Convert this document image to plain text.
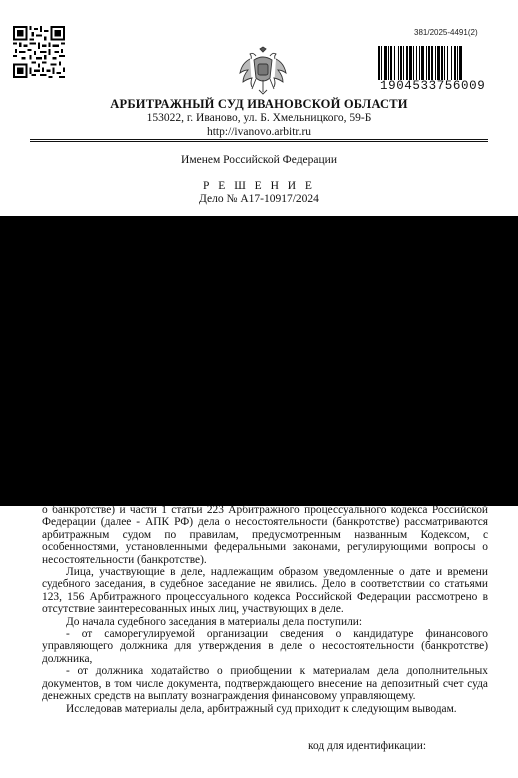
381/2025-4491(2)
1904533756009
АРБИТРАЖНЫЙ СУД ИВАНОВСКОЙ ОБЛАСТИ
153022, г. Иваново, ул. Б. Хмельницкого, 59-Б
http://ivanovo.arbitr.ru
Именем Российской Федерации
Р Е Ш Е Н И Е
Дело № А17-10917/2024

о банкротстве) и части 1 статьи 223 Арбитражного процессуального кодекса Российской Федерации (далее - АПК РФ) дела о несостоятельности (банкротстве) рассматриваются арбитражным судом по правилам, предусмотренным названным Кодексом, с особенностями, установленными федеральными законами, регулирующими вопросы о несостоятельности (банкротстве).

Лица, участвующие в деле, надлежащим образом уведомленные о дате и времени судебного заседания, в судебное заседание не явились. Дело в соответствии со статьями 123, 156 Арбитражного процессуального кодекса Российской Федерации рассмотрено в отсутствие заинтересованных иных лиц, участвующих в деле.

До начала судебного заседания в материалы дела поступили:

- от саморегулируемой организации сведения о кандидатуре финансового управляющего должника для утверждения в деле о несостоятельности (банкротстве) должника,

- от должника ходатайство о приобщении к материалам дела дополнительных документов, в том числе документа, подтверждающего внесение на депозитный счет суда денежных средств на выплату вознаграждения финансовому управляющему.

Исследовав материалы дела, арбитражный суд приходит к следующим выводам.

код для идентификации:
